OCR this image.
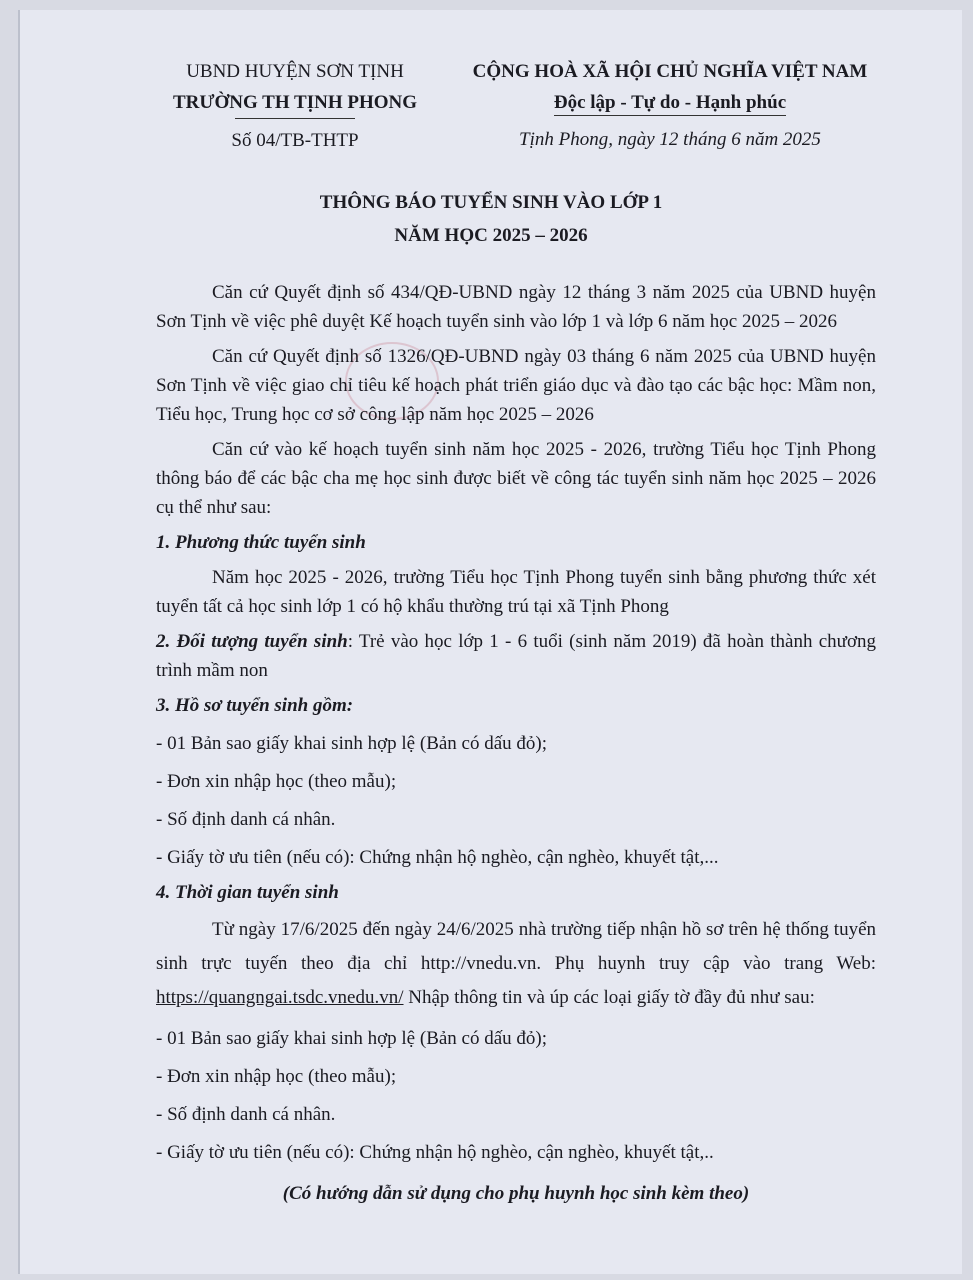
UBND HUYỆN SƠN TỊNH
TRƯỜNG TH TỊNH PHONG
Số 04/TB-THTP
CỘNG HOÀ XÃ HỘI CHỦ NGHĨA VIỆT NAM
Độc lập - Tự do - Hạnh phúc
Tịnh Phong, ngày 12 tháng 6 năm 2025
THÔNG BÁO TUYỂN SINH VÀO LỚP 1
NĂM HỌC 2025 – 2026

Căn cứ Quyết định số 434/QĐ-UBND ngày 12 tháng 3 năm 2025 của UBND huyện Sơn Tịnh về việc phê duyệt Kế hoạch tuyển sinh vào lớp 1 và lớp 6 năm học 2025 – 2026

Căn cứ Quyết định số 1326/QĐ-UBND ngày 03 tháng 6 năm 2025 của UBND huyện Sơn Tịnh về việc giao chỉ tiêu kế hoạch phát triển giáo dục và đào tạo các bậc học: Mầm non, Tiểu học, Trung học cơ sở công lập năm học 2025 – 2026

Căn cứ vào kế hoạch tuyển sinh năm học 2025 - 2026, trường Tiểu học Tịnh Phong thông báo để các bậc cha mẹ học sinh được biết về công tác tuyển sinh năm học 2025 – 2026 cụ thể như sau:

1. Phương thức tuyển sinh

Năm học 2025 - 2026, trường Tiểu học Tịnh Phong tuyển sinh bằng phương thức xét tuyển tất cả học sinh lớp 1 có hộ khẩu thường trú tại xã Tịnh Phong

2. Đối tượng tuyển sinh: Trẻ vào học lớp 1 - 6 tuổi (sinh năm 2019) đã hoàn thành chương trình mầm non

3. Hồ sơ tuyển sinh gồm:

- 01 Bản sao giấy khai sinh hợp lệ (Bản có dấu đỏ);

- Đơn xin nhập học (theo mẫu);

- Số định danh cá nhân.

- Giấy tờ ưu tiên (nếu có): Chứng nhận hộ nghèo, cận nghèo, khuyết tật,...

4. Thời gian tuyển sinh

Từ ngày 17/6/2025 đến ngày 24/6/2025 nhà trường tiếp nhận hồ sơ trên hệ thống tuyển sinh trực tuyến theo địa chỉ http://vnedu.vn. Phụ huynh truy cập vào trang Web: https://quangngai.tsdc.vnedu.vn/ Nhập thông tin và úp các loại giấy tờ đầy đủ như sau:

- 01 Bản sao giấy khai sinh hợp lệ (Bản có dấu đỏ);

- Đơn xin nhập học (theo mẫu);

- Số định danh cá nhân.

- Giấy tờ ưu tiên (nếu có): Chứng nhận hộ nghèo, cận nghèo, khuyết tật,..

(Có hướng dẫn sử dụng cho phụ huynh học sinh kèm theo)
